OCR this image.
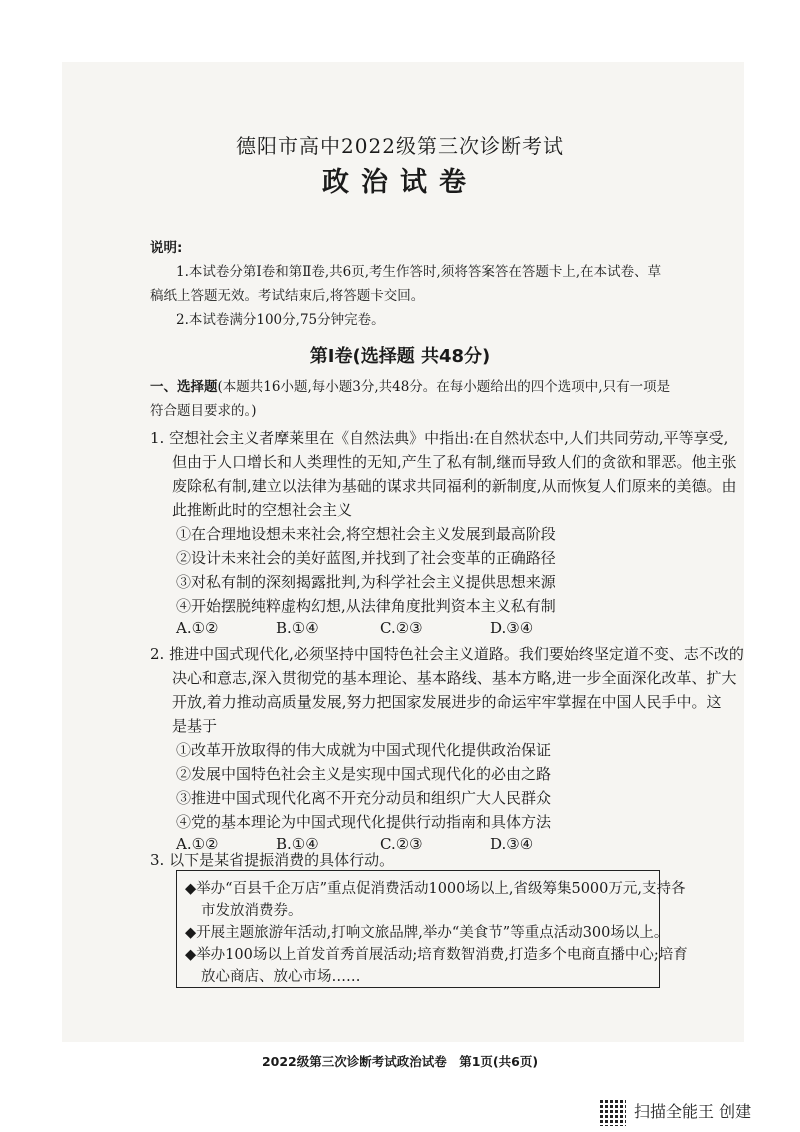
德阳市高中2022级第三次诊断考试
政治试卷
说明:
1.本试卷分第Ⅰ卷和第Ⅱ卷,共6页,考生作答时,须将答案答在答题卡上,在本试卷、草
稿纸上答题无效。考试结束后,将答题卡交回。
2.本试卷满分100分,75分钟完卷。
第Ⅰ卷(选择题 共48分)
一、选择题(本题共16小题,每小题3分,共48分。在每小题给出的四个选项中,只有一项是
符合题目要求的。)
1. 空想社会主义者摩莱里在《自然法典》中指出:在自然状态中,人们共同劳动,平等享受,
但由于人口增长和人类理性的无知,产生了私有制,继而导致人们的贪欲和罪恶。他主张
废除私有制,建立以法律为基础的谋求共同福利的新制度,从而恢复人们原来的美德。由
此推断此时的空想社会主义
①在合理地设想未来社会,将空想社会主义发展到最高阶段
②设计未来社会的美好蓝图,并找到了社会变革的正确路径
③对私有制的深刻揭露批判,为科学社会主义提供思想来源
④开始摆脱纯粹虚构幻想,从法律角度批判资本主义私有制
A.①②	B.①④	C.②③	D.③④
2. 推进中国式现代化,必须坚持中国特色社会主义道路。我们要始终坚定道不变、志不改的
决心和意志,深入贯彻党的基本理论、基本路线、基本方略,进一步全面深化改革、扩大
开放,着力推动高质量发展,努力把国家发展进步的命运牢牢掌握在中国人民手中。这
是基于
①改革开放取得的伟大成就为中国式现代化提供政治保证
②发展中国特色社会主义是实现中国式现代化的必由之路
③推进中国式现代化离不开充分动员和组织广大人民群众
④党的基本理论为中国式现代化提供行动指南和具体方法
A.①②	B.①④	C.②③	D.③④
3. 以下是某省提振消费的具体行动。
◆举办“百县千企万店”重点促消费活动1000场以上,省级筹集5000万元,支持各
市发放消费券。
◆开展主题旅游年活动,打响文旅品牌,举办“美食节”等重点活动300场以上。
◆举办100场以上首发首秀首展活动;培育数智消费,打造多个电商直播中心;培育
放心商店、放心市场……
2022级第三次诊断考试政治试卷　第1页(共6页)
扫描全能王 创建
